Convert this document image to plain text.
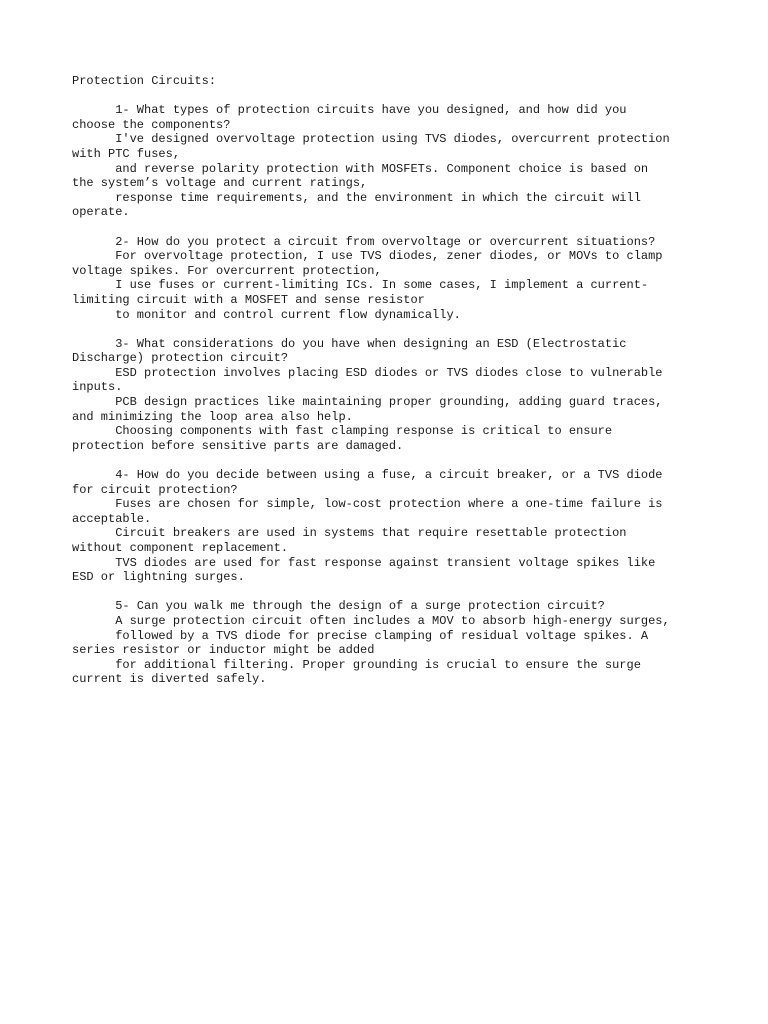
Protection Circuits:
1- What types of protection circuits have you designed, and how did you
choose the components?
I've designed overvoltage protection using TVS diodes, overcurrent protection
with PTC fuses,
and reverse polarity protection with MOSFETs. Component choice is based on
the system’s voltage and current ratings,
response time requirements, and the environment in which the circuit will
operate.
2- How do you protect a circuit from overvoltage or overcurrent situations?
For overvoltage protection, I use TVS diodes, zener diodes, or MOVs to clamp
voltage spikes. For overcurrent protection,
I use fuses or current-limiting ICs. In some cases, I implement a current-
limiting circuit with a MOSFET and sense resistor
to monitor and control current flow dynamically.
3- What considerations do you have when designing an ESD (Electrostatic
Discharge) protection circuit?
ESD protection involves placing ESD diodes or TVS diodes close to vulnerable
inputs.
PCB design practices like maintaining proper grounding, adding guard traces,
and minimizing the loop area also help.
Choosing components with fast clamping response is critical to ensure
protection before sensitive parts are damaged.
4- How do you decide between using a fuse, a circuit breaker, or a TVS diode
for circuit protection?
Fuses are chosen for simple, low-cost protection where a one-time failure is
acceptable.
Circuit breakers are used in systems that require resettable protection
without component replacement.
TVS diodes are used for fast response against transient voltage spikes like
ESD or lightning surges.
5- Can you walk me through the design of a surge protection circuit?
A surge protection circuit often includes a MOV to absorb high-energy surges,
followed by a TVS diode for precise clamping of residual voltage spikes. A
series resistor or inductor might be added
for additional filtering. Proper grounding is crucial to ensure the surge
current is diverted safely.
